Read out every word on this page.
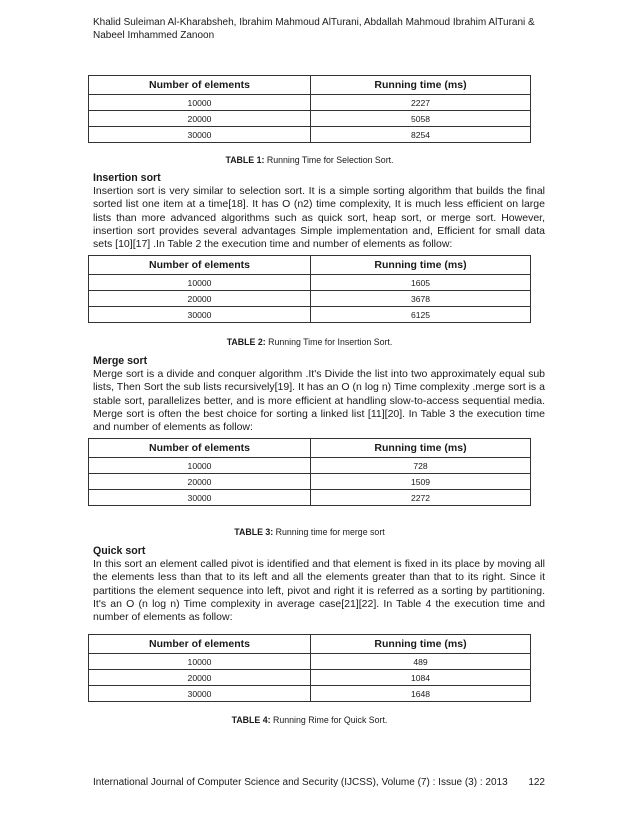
Khalid Suleiman Al-Kharabsheh, Ibrahim Mahmoud AlTurani, Abdallah Mahmoud Ibrahim AlTurani & Nabeel Imhammed Zanoon
Number of elements	Running time (ms)
10000	2227
20000	5058
30000	8254
TABLE 1: Running Time for Selection Sort.
Insertion sort

Insertion sort is very similar to selection sort. It is a simple sorting algorithm that builds the final sorted list one item at a time[18]. It has O (n2) time complexity, It is much less efficient on large lists than more advanced algorithms such as quick sort, heap sort, or merge sort. However, insertion sort provides several advantages Simple implementation and, Efficient for small data sets [10][17] .In Table 2 the execution time and number of elements as follow:

Number of elements	Running time (ms)
10000	1605
20000	3678
30000	6125
TABLE 2: Running Time for Insertion Sort.
Merge sort

Merge sort is a divide and conquer algorithm .It's Divide the list into two approximately equal sub lists, Then Sort the sub lists recursively[19]. It has an O (n log n) Time complexity .merge sort is a stable sort, parallelizes better, and is more efficient at handling slow-to-access sequential media. Merge sort is often the best choice for sorting a linked list [11][20]. In Table 3 the execution time and number of elements as follow:

Number of elements	Running time (ms)
10000	728
20000	1509
30000	2272
TABLE 3: Running time for merge sort
Quick sort

In this sort an element called pivot is identified and that element is fixed in its place by moving all the elements less than that to its left and all the elements greater than that to its right. Since it partitions the element sequence into left, pivot and right it is referred as a sorting by partitioning. It's an O (n log n) Time complexity in average case[21][22]. In Table 4 the execution time and number of elements as follow:

Number of elements	Running time (ms)
10000	489
20000	1084
30000	1648
TABLE 4: Running Rime for Quick Sort.
International Journal of Computer Science and Security (IJCSS), Volume (7) : Issue (3) : 2013 122
